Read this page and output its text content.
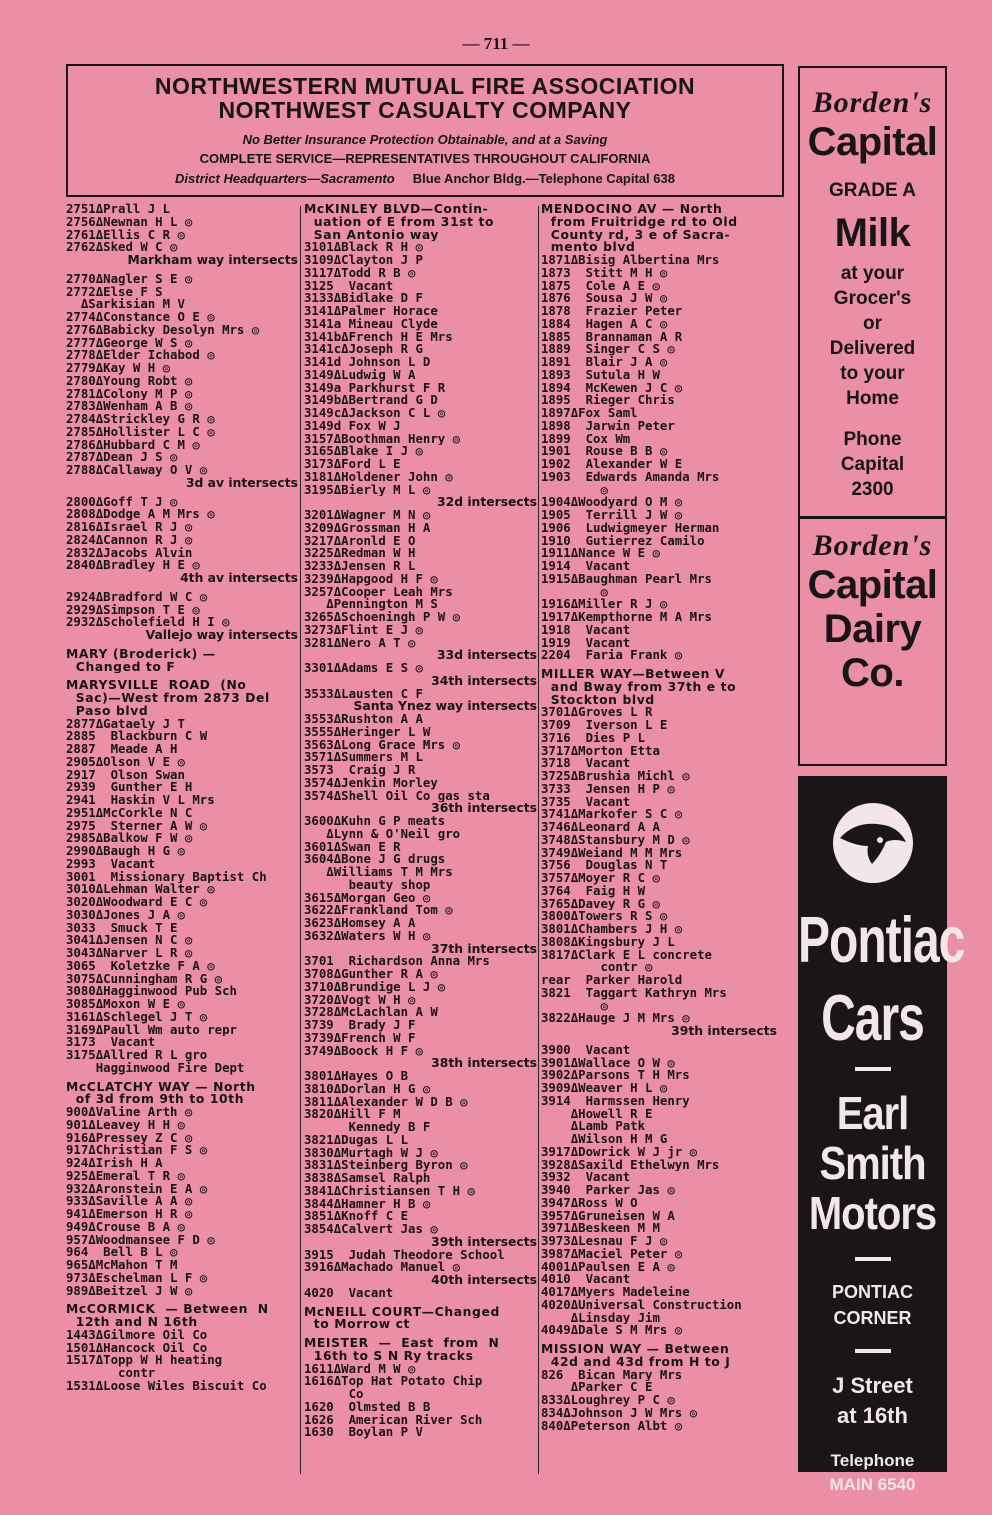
— 711 —
NORTHWESTERN MUTUAL FIRE ASSOCIATION
NORTHWEST CASUALTY COMPANY
No Better Insurance Protection Obtainable, and at a Saving
COMPLETE SERVICE—REPRESENTATIVES THROUGHOUT CALIFORNIA
District Headquarters—Sacramento Blue Anchor Bldg.—Telephone Capital 638
2751ΔPrall J L
2756ΔNewnan H L ◎
2761ΔEllis C R ◎
2762ΔSked W C ◎
Markham way intersects
2770ΔNagler S E ◎
2772ΔElse F S
ΔSarkisian M V
2774ΔConstance O E ◎
2776ΔBabicky Desolyn Mrs ◎
2777ΔGeorge W S ◎
2778ΔElder Ichabod ◎
2779ΔKay W H ◎
2780ΔYoung Robt ◎
2781ΔColony M P ◎
2783ΔWenham A B ◎
2784ΔStrickley G R ◎
2785ΔHollister L C ◎
2786ΔHubbard C M ◎
2787ΔDean J S ◎
2788ΔCallaway O V ◎
3d av intersects
2800ΔGoff T J ◎
2808ΔDodge A M Mrs ◎
2816ΔIsrael R J ◎
2824ΔCannon R J ◎
2832ΔJacobs Alvin
2840ΔBradley H E ◎
4th av intersects
2924ΔBradford W C ◎
2929ΔSimpson T E ◎
2932ΔScholefield H I ◎
Vallejo way intersects
MARY (Broderick) —
Changed to F
MARYSVILLE  ROAD  (No
Sac)—West from 2873 Del
Paso blvd
2877ΔGataely J T
2885  Blackburn C W
2887  Meade A H
2905ΔOlson V E ◎
2917  Olson Swan
2939  Gunther E H
2941  Haskin V L Mrs
2951ΔMcCorkle N C
2975  Sterner A W ◎
2985ΔBalkow F W ◎
2990ΔBaugh H G ◎
2993  Vacant
3001  Missionary Baptist Ch
3010ΔLehman Walter ◎
3020ΔWoodward E C ◎
3030ΔJones J A ◎
3033  Smuck T E
3041ΔJensen N C ◎
3043ΔNarver L R ◎
3065  Koletzke F A ◎
3075ΔCunningham R G ◎
3080ΔHagginwood Pub Sch
3085ΔMoxon W E ◎
3161ΔSchlegel J T ◎
3169ΔPaull Wm auto repr
3173  Vacant
3175ΔAllred R L gro
Hagginwood Fire Dept
McCLATCHY WAY — North
of 3d from 9th to 10th
900ΔValine Arth ◎
901ΔLeavey H H ◎
916ΔPressey Z C ◎
917ΔChristian F S ◎
924ΔIrish H A
925ΔEmeral T R ◎
932ΔAronstein E A ◎
933ΔSaville A A ◎
941ΔEmerson H R ◎
949ΔCrouse B A ◎
957ΔWoodmansee F D ◎
964  Bell B L ◎
965ΔMcMahon T M
973ΔEschelman L F ◎
989ΔBeitzel J W ◎
McCORMICK  — Between  N
12th and N 16th
1443ΔGilmore Oil Co
1501ΔHancock Oil Co
1517ΔTopp W H heating
contr
1531ΔLoose Wiles Biscuit Co
McKINLEY BLVD—Contin-
uation of E from 31st to
San Antonio way
3101ΔBlack R H ◎
3109ΔClayton J P
3117ΔTodd R B ◎
3125  Vacant
3133ΔBidlake D F
3141ΔPalmer Horace
3141a Mineau Clyde
3141bΔFrench H E Mrs
3141cΔJoseph R G
3141d Johnson L D
3149ΔLudwig W A
3149a Parkhurst F R
3149bΔBertrand G D
3149cΔJackson C L ◎
3149d Fox W J
3157ΔBoothman Henry ◎
3165ΔBlake I J ◎
3173ΔFord L E
3181ΔHoldener John ◎
3195ΔBierly M L ◎
32d intersects
3201ΔWagner M N ◎
3209ΔGrossman H A
3217ΔAronld E O
3225ΔRedman W H
3233ΔJensen R L
3239ΔHapgood H F ◎
3257ΔCooper Leah Mrs
ΔPennington M S
3265ΔSchoeningh P W ◎
3273ΔFlint E J ◎
3281ΔNero A T ◎
33d intersects
3301ΔAdams E S ◎
34th intersects
3533ΔLausten C F
Santa Ynez way intersects
3553ΔRushton A A
3555ΔHeringer L W
3563ΔLong Grace Mrs ◎
3571ΔSummers M L
3573  Craig J R
3574ΔJenkin Morley
3574ΔShell Oil Co gas sta
36th intersects
3600ΔKuhn G P meats
ΔLynn & O'Neil gro
3601ΔSwan E R
3604ΔBone J G drugs
ΔWilliams T M Mrs
beauty shop
3615ΔMorgan Geo ◎
3622ΔFrankland Tom ◎
3623ΔHomsey A A
3632ΔWaters W H ◎
37th intersects
3701  Richardson Anna Mrs
3708ΔGunther R A ◎
3710ΔBrundige L J ◎
3720ΔVogt W H ◎
3728ΔMcLachlan A W
3739  Brady J F
3739ΔFrench W F
3749ΔBoock H F ◎
38th intersects
3801ΔHayes O B
3810ΔDorlan H G ◎
3811ΔAlexander W D B ◎
3820ΔHill F M
Kennedy B F
3821ΔDugas L L
3830ΔMurtagh W J ◎
3831ΔSteinberg Byron ◎
3838ΔSamsel Ralph
3841ΔChristiansen T H ◎
3844ΔHamner H B ◎
3851ΔKnoff C E
3854ΔCalvert Jas ◎
39th intersects
3915  Judah Theodore School
3916ΔMachado Manuel ◎
40th intersects
4020  Vacant
McNEILL COURT—Changed
to Morrow ct
MEISTER  —  East  from  N
16th to S N Ry tracks
1611ΔWard M W ◎
1616ΔTop Hat Potato Chip
Co
1620  Olmsted B B
1626  American River Sch
1630  Boylan P V
MENDOCINO AV — North
from Fruitridge rd to Old
County rd, 3 e of Sacra-
mento blvd
1871ΔBisig Albertina Mrs
1873  Stitt M H ◎
1875  Cole A E ◎
1876  Sousa J W ◎
1878  Frazier Peter
1884  Hagen A C ◎
1885  Brannaman A R
1889  Singer C S ◎
1891  Blair J A ◎
1893  Sutula H W
1894  McKewen J C ◎
1895  Rieger Chris
1897ΔFox Saml
1898  Jarwin Peter
1899  Cox Wm
1901  Rouse B B ◎
1902  Alexander W E
1903  Edwards Amanda Mrs
◎
1904ΔWoodyard O M ◎
1905  Terrill J W ◎
1906  Ludwigmeyer Herman
1910  Gutierrez Camilo
1911ΔNance W E ◎
1914  Vacant
1915ΔBaughman Pearl Mrs
◎
1916ΔMiller R J ◎
1917ΔKempthorne M A Mrs
1918  Vacant
1919  Vacant
2204  Faria Frank ◎
MILLER WAY—Between V
and Bway from 37th e to
Stockton blvd
3701ΔGroves L R
3709  Iverson L E
3716  Dies P L
3717ΔMorton Etta
3718  Vacant
3725ΔBrushia Michl ◎
3733  Jensen H P ◎
3735  Vacant
3741ΔMarkofer S C ◎
3746ΔLeonard A A
3748ΔStansbury M D ◎
3749ΔWeiand M M Mrs
3756  Douglas N T
3757ΔMoyer R C ◎
3764  Faig H W
3765ΔDavey R G ◎
3800ΔTowers R S ◎
3801ΔChambers J H ◎
3808ΔKingsbury J L
3817ΔClark E L concrete
contr ◎
rear  Parker Harold
3821  Taggart Kathryn Mrs
◎
3822ΔHauge J M Mrs ◎
39th intersects
3900  Vacant
3901ΔWallace O W ◎
3902ΔParsons T H Mrs
3909ΔWeaver H L ◎
3914  Harmssen Henry
ΔHowell R E
ΔLamb Patk
ΔWilson H M G
3917ΔDowrick W J jr ◎
3928ΔSaxild Ethelwyn Mrs
3932  Vacant
3940  Parker Jas ◎
3947ΔRoss W O
3957ΔGruneisen W A
3971ΔBeskeen M M
3973ΔLesnau F J ◎
3987ΔMaciel Peter ◎
4001ΔPaulsen E A ◎
4010  Vacant
4017ΔMyers Madeleine
4020ΔUniversal Construction
ΔLinsday Jim
4049ΔDale S M Mrs ◎
MISSION WAY — Between
42d and 43d from H to J
826  Bican Mary Mrs
ΔParker C E
833ΔLoughrey P C ◎
834ΔJohnson J W Mrs ◎
840ΔPeterson Albt ◎
Borden's
Capital
GRADE A
Milk
at your
Grocer's
or
Delivered
to your
Home
Phone
Capital
2300
Borden's
Capital
Dairy
Co.
Pontiac
Cars
Earl
Smith
Motors
PONTIAC
CORNER
J Street
at 16th
Telephone
MAIN 6540
